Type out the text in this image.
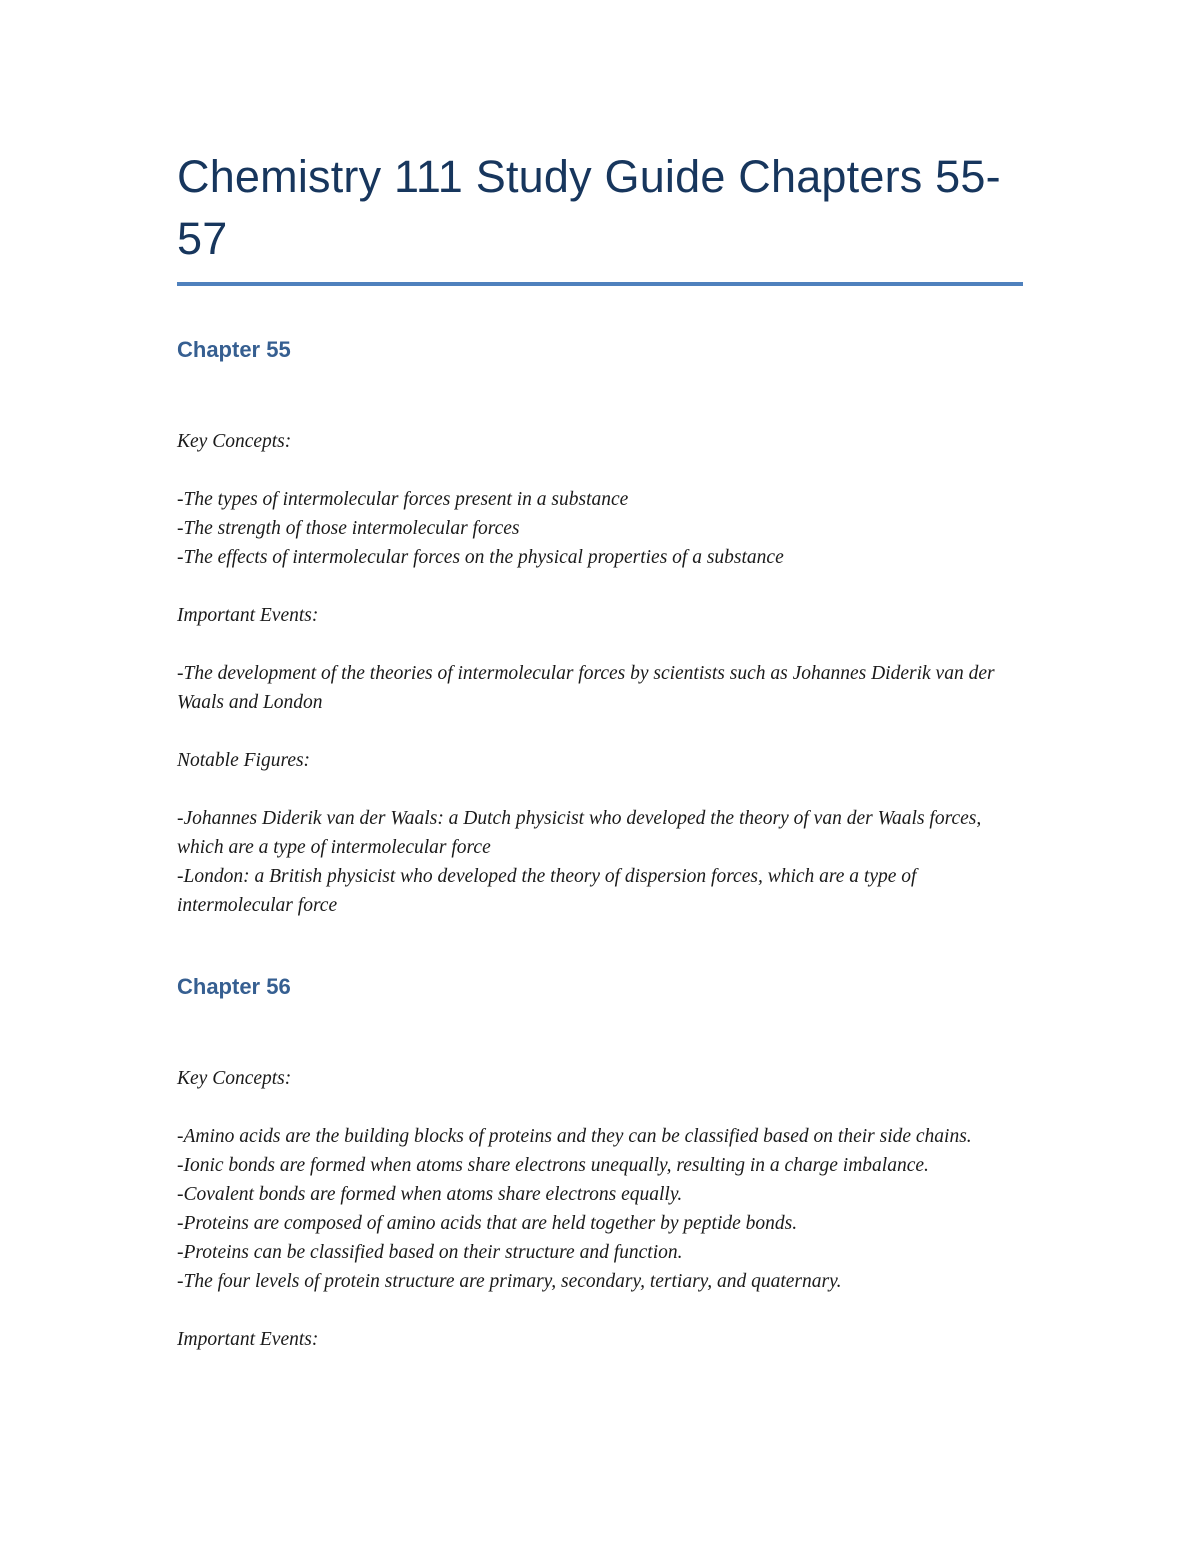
Chemistry 111 Study Guide Chapters 55-57
Chapter 55

Key Concepts:

-The types of intermolecular forces present in a substance
-The strength of those intermolecular forces
-The effects of intermolecular forces on the physical properties of a substance

Important Events:

-The development of the theories of intermolecular forces by scientists such as Johannes Diderik van der Waals and London

Notable Figures:

-Johannes Diderik van der Waals: a Dutch physicist who developed the theory of van der Waals forces, which are a type of intermolecular force
-London: a British physicist who developed the theory of dispersion forces, which are a type of intermolecular force
Chapter 56

Key Concepts:

-Amino acids are the building blocks of proteins and they can be classified based on their side chains.
-Ionic bonds are formed when atoms share electrons unequally, resulting in a charge imbalance.
-Covalent bonds are formed when atoms share electrons equally.
-Proteins are composed of amino acids that are held together by peptide bonds.
-Proteins can be classified based on their structure and function.
-The four levels of protein structure are primary, secondary, tertiary, and quaternary.

Important Events:
